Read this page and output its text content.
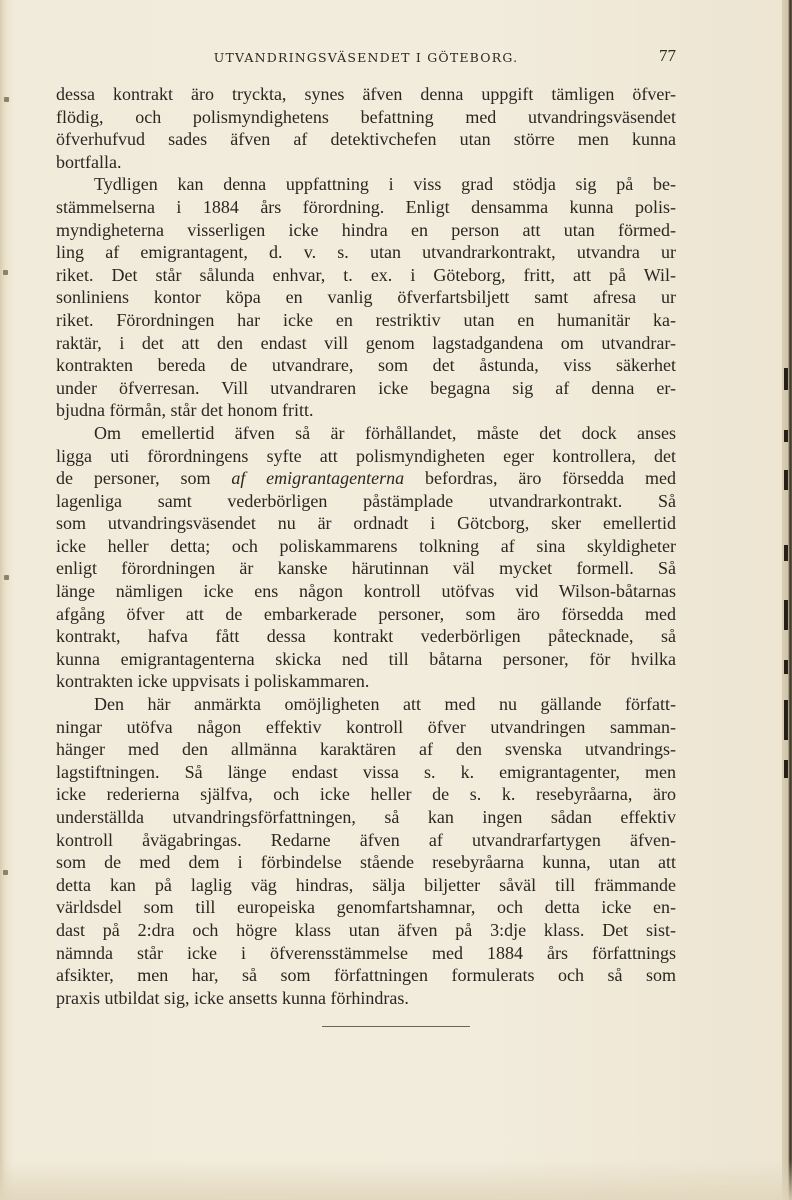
UTVANDRINGSVÄSENDET I GÖTEBORG.	77
dessa kontrakt äro tryckta, synes äfven denna uppgift tämligen öfver-
flödig, och polismyndighetens befattning med utvandringsväsendet
öfverhufvud sades äfven af detektivchefen utan större men kunna
bortfalla.
Tydligen kan denna uppfattning i viss grad stödja sig på be-
stämmelserna i 1884 års förordning. Enligt densamma kunna polis-
myndigheterna visserligen icke hindra en person att utan förmed-
ling af emigrantagent, d. v. s. utan utvandrarkontrakt, utvandra ur
riket. Det står sålunda enhvar, t. ex. i Göteborg, fritt, att på Wil-
sonliniens kontor köpa en vanlig öfverfartsbiljett samt afresa ur
riket. Förordningen har icke en restriktiv utan en humanitär ka-
raktär, i det att den endast vill genom lagstadgandena om utvandrar-
kontrakten bereda de utvandrare, som det åstunda, viss säkerhet
under öfverresan. Vill utvandraren icke begagna sig af denna er-
bjudna förmån, står det honom fritt.
Om emellertid äfven så är förhållandet, måste det dock anses
ligga uti förordningens syfte att polismyndigheten eger kontrollera, det
de personer, som af emigrantagenterna befordras, äro försedda med
lagenliga samt vederbörligen påstämplade utvandrarkontrakt. Så
som utvandringsväsendet nu är ordnadt i Götcborg, sker emellertid
icke heller detta; och poliskammarens tolkning af sina skyldigheter
enligt förordningen är kanske härutinnan väl mycket formell. Så
länge nämligen icke ens någon kontroll utöfvas vid Wilson-båtarnas
afgång öfver att de embarkerade personer, som äro försedda med
kontrakt, hafva fått dessa kontrakt vederbörligen påtecknade, så
kunna emigrantagenterna skicka ned till båtarna personer, för hvilka
kontrakten icke uppvisats i poliskammaren.
Den här anmärkta omöjligheten att med nu gällande författ-
ningar utöfva någon effektiv kontroll öfver utvandringen samman-
hänger med den allmänna karaktären af den svenska utvandrings-
lagstiftningen. Så länge endast vissa s. k. emigrantagenter, men
icke rederierna själfva, och icke heller de s. k. resebyråarna, äro
underställda utvandringsförfattningen, så kan ingen sådan effektiv
kontroll åvägabringas. Redarne äfven af utvandrarfartygen äfven-
som de med dem i förbindelse stående resebyråarna kunna, utan att
detta kan på laglig väg hindras, sälja biljetter såväl till främmande
världsdel som till europeiska genomfartshamnar, och detta icke en-
dast på 2:dra och högre klass utan äfven på 3:dje klass. Det sist-
nämnda står icke i öfverensstämmelse med 1884 års författnings
afsikter, men har, så som författningen formulerats och så som
praxis utbildat sig, icke ansetts kunna förhindras.
